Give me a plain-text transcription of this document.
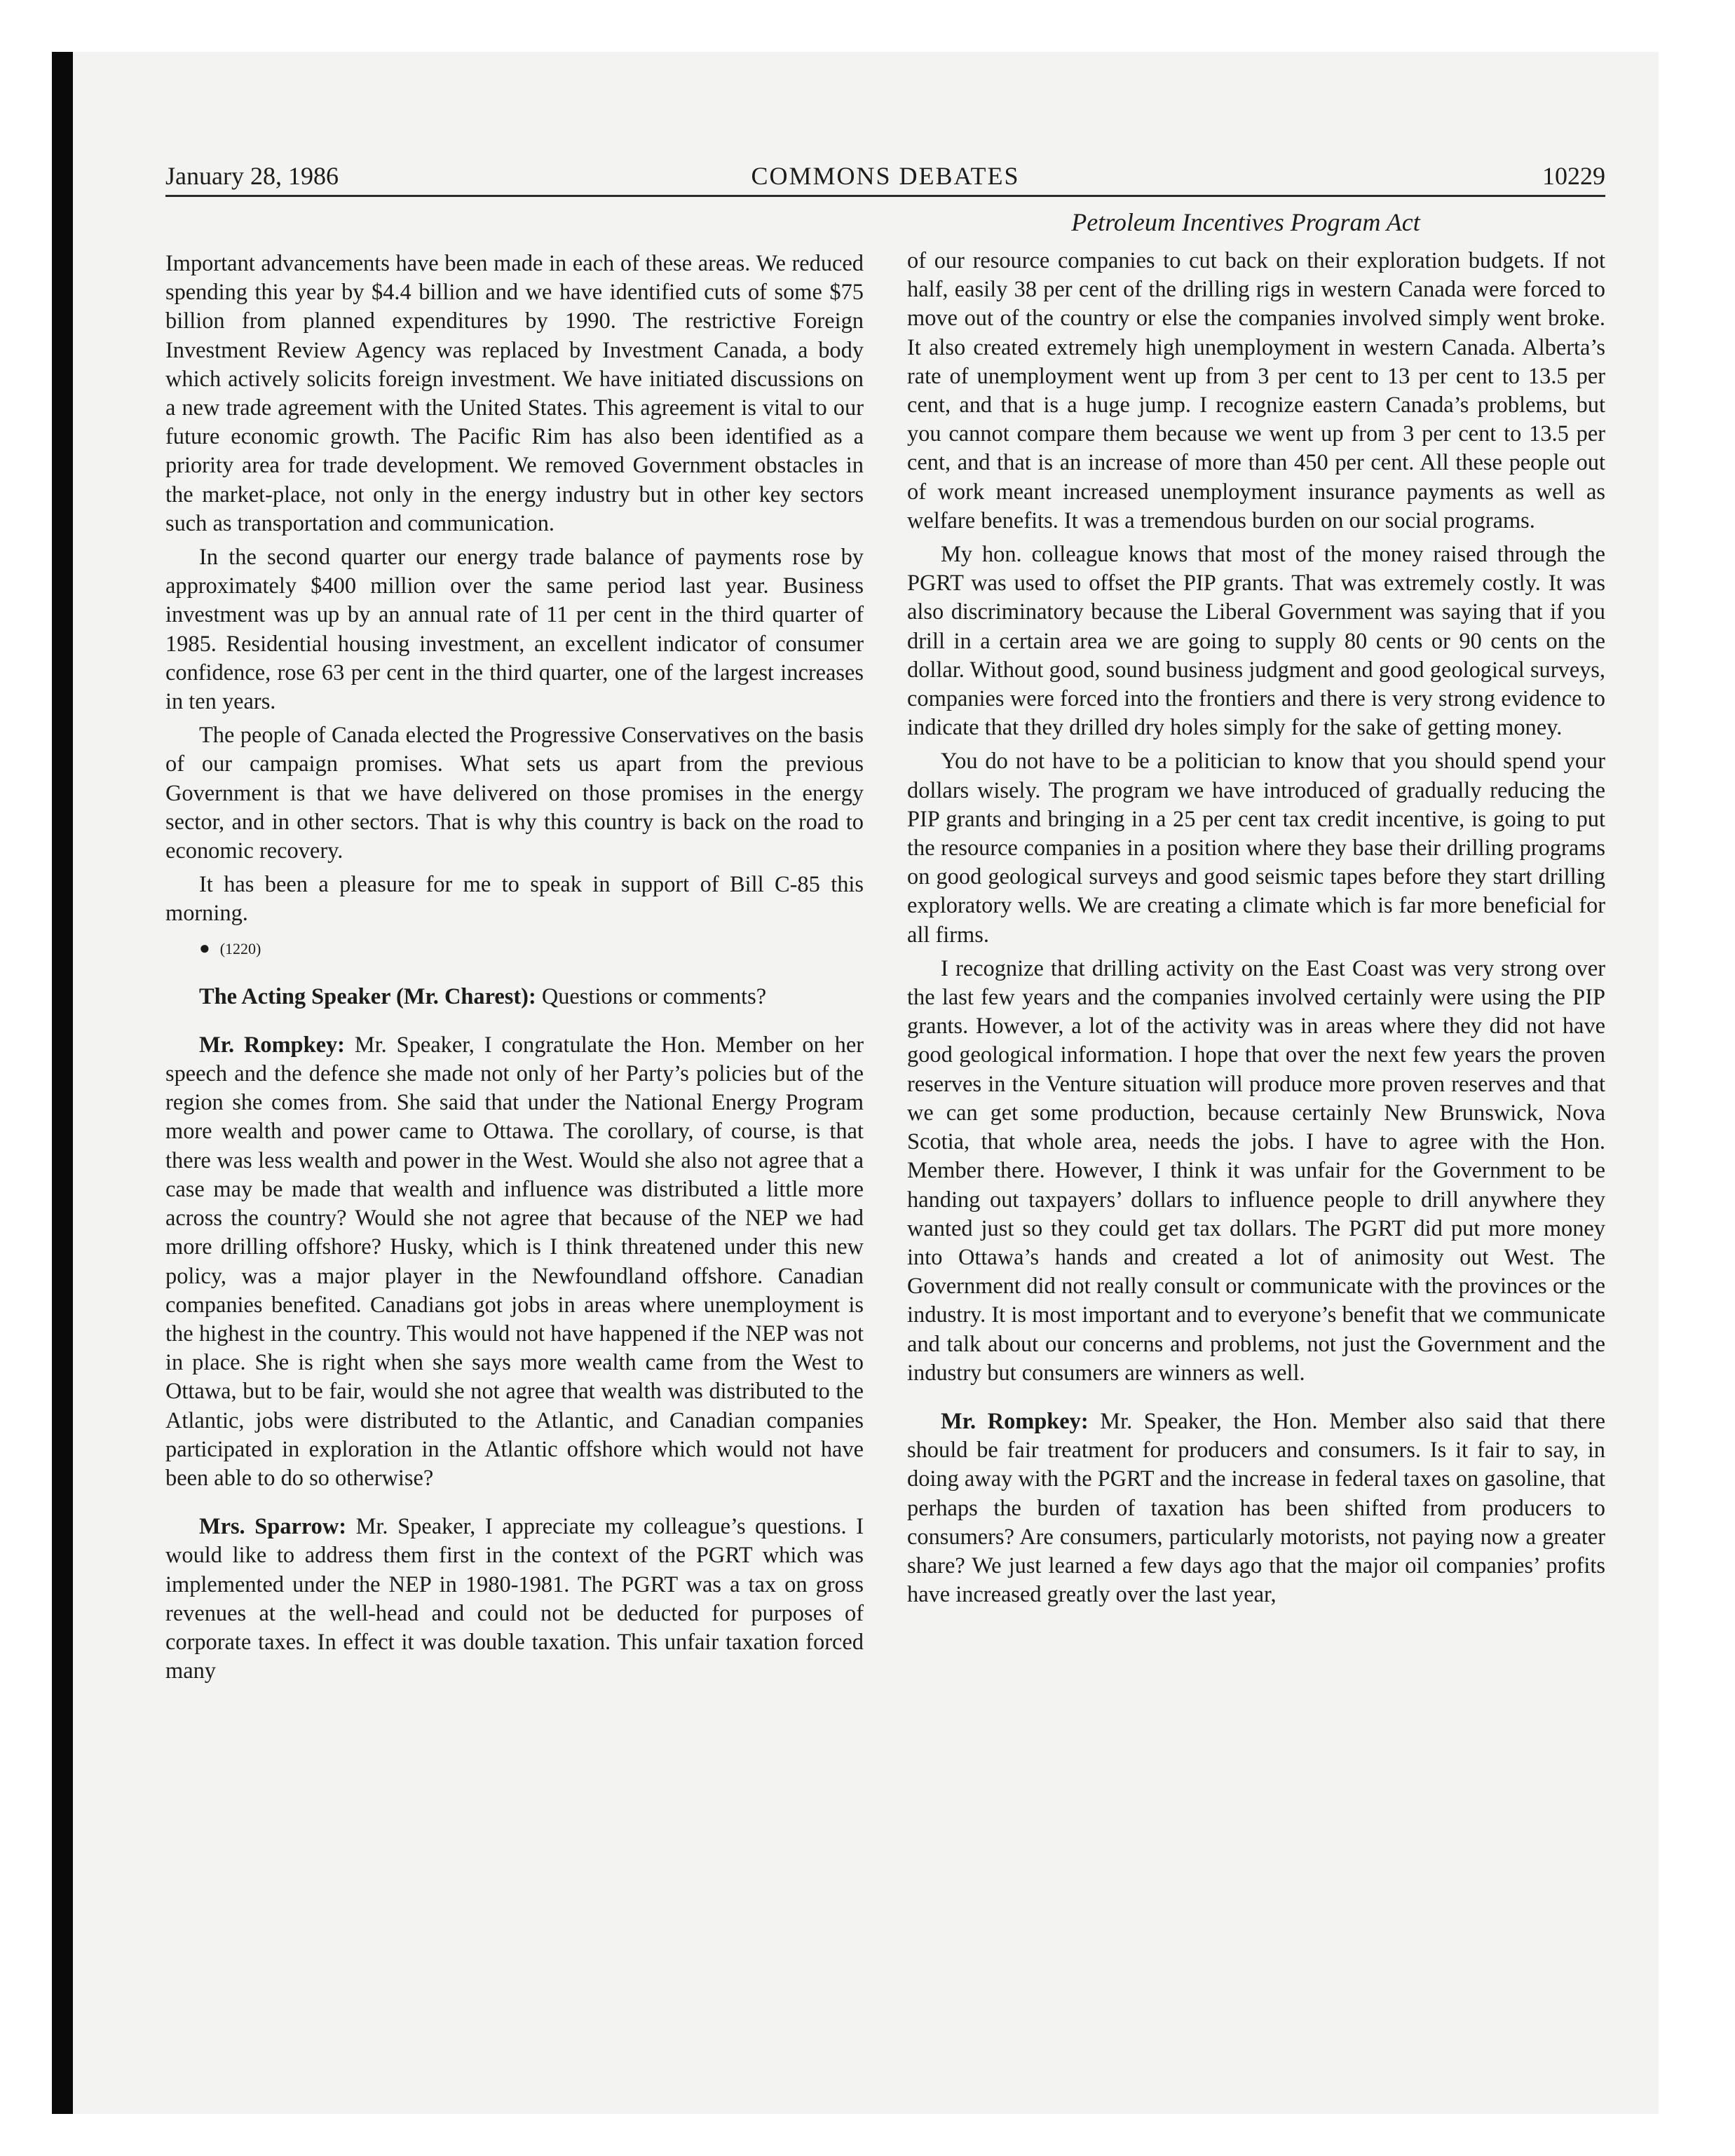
January 28, 1986	COMMONS DEBATES	10229
Petroleum Incentives Program Act

Important advancements have been made in each of these areas. We reduced spending this year by $4.4 billion and we have identified cuts of some $75 billion from planned expenditures by 1990. The restrictive Foreign Investment Review Agency was replaced by Investment Canada, a body which actively solicits foreign investment. We have initiated discussions on a new trade agreement with the United States. This agreement is vital to our future economic growth. The Pacific Rim has also been identified as a priority area for trade development. We removed Government obstacles in the market-place, not only in the energy industry but in other key sectors such as transportation and communication.

In the second quarter our energy trade balance of payments rose by approximately $400 million over the same period last year. Business investment was up by an annual rate of 11 per cent in the third quarter of 1985. Residential housing investment, an excellent indicator of consumer confidence, rose 63 per cent in the third quarter, one of the largest increases in ten years.

The people of Canada elected the Progressive Conservatives on the basis of our campaign promises. What sets us apart from the previous Government is that we have delivered on those promises in the energy sector, and in other sectors. That is why this country is back on the road to economic recovery.

It has been a pleasure for me to speak in support of Bill C-85 this morning.

● (1220)

The Acting Speaker (Mr. Charest): Questions or comments?

Mr. Rompkey: Mr. Speaker, I congratulate the Hon. Member on her speech and the defence she made not only of her Party’s policies but of the region she comes from. She said that under the National Energy Program more wealth and power came to Ottawa. The corollary, of course, is that there was less wealth and power in the West. Would she also not agree that a case may be made that wealth and influence was distributed a little more across the country? Would she not agree that because of the NEP we had more drilling offshore? Husky, which is I think threatened under this new policy, was a major player in the Newfoundland offshore. Canadian companies benefited. Canadians got jobs in areas where unemployment is the highest in the country. This would not have happened if the NEP was not in place. She is right when she says more wealth came from the West to Ottawa, but to be fair, would she not agree that wealth was distributed to the Atlantic, jobs were distributed to the Atlantic, and Canadian companies participated in exploration in the Atlantic offshore which would not have been able to do so otherwise?

Mrs. Sparrow: Mr. Speaker, I appreciate my colleague’s questions. I would like to address them first in the context of the PGRT which was implemented under the NEP in 1980-1981. The PGRT was a tax on gross revenues at the well-head and could not be deducted for purposes of corporate taxes. In effect it was double taxation. This unfair taxation forced many

of our resource companies to cut back on their exploration budgets. If not half, easily 38 per cent of the drilling rigs in western Canada were forced to move out of the country or else the companies involved simply went broke. It also created extremely high unemployment in western Canada. Alberta’s rate of unemployment went up from 3 per cent to 13 per cent to 13.5 per cent, and that is a huge jump. I recognize eastern Canada’s problems, but you cannot compare them because we went up from 3 per cent to 13.5 per cent, and that is an increase of more than 450 per cent. All these people out of work meant increased unemployment insurance payments as well as welfare benefits. It was a tremendous burden on our social programs.

My hon. colleague knows that most of the money raised through the PGRT was used to offset the PIP grants. That was extremely costly. It was also discriminatory because the Liberal Government was saying that if you drill in a certain area we are going to supply 80 cents or 90 cents on the dollar. Without good, sound business judgment and good geological surveys, companies were forced into the frontiers and there is very strong evidence to indicate that they drilled dry holes simply for the sake of getting money.

You do not have to be a politician to know that you should spend your dollars wisely. The program we have introduced of gradually reducing the PIP grants and bringing in a 25 per cent tax credit incentive, is going to put the resource companies in a position where they base their drilling programs on good geological surveys and good seismic tapes before they start drilling exploratory wells. We are creating a climate which is far more beneficial for all firms.

I recognize that drilling activity on the East Coast was very strong over the last few years and the companies involved certainly were using the PIP grants. However, a lot of the activity was in areas where they did not have good geological information. I hope that over the next few years the proven reserves in the Venture situation will produce more proven reserves and that we can get some production, because certainly New Brunswick, Nova Scotia, that whole area, needs the jobs. I have to agree with the Hon. Member there. However, I think it was unfair for the Government to be handing out taxpayers’ dollars to influence people to drill anywhere they wanted just so they could get tax dollars. The PGRT did put more money into Ottawa’s hands and created a lot of animosity out West. The Government did not really consult or communicate with the provinces or the industry. It is most important and to everyone’s benefit that we communicate and talk about our concerns and problems, not just the Government and the industry but consumers are winners as well.

Mr. Rompkey: Mr. Speaker, the Hon. Member also said that there should be fair treatment for producers and consumers. Is it fair to say, in doing away with the PGRT and the increase in federal taxes on gasoline, that perhaps the burden of taxation has been shifted from producers to consumers? Are consumers, particularly motorists, not paying now a greater share? We just learned a few days ago that the major oil companies’ profits have increased greatly over the last year,
